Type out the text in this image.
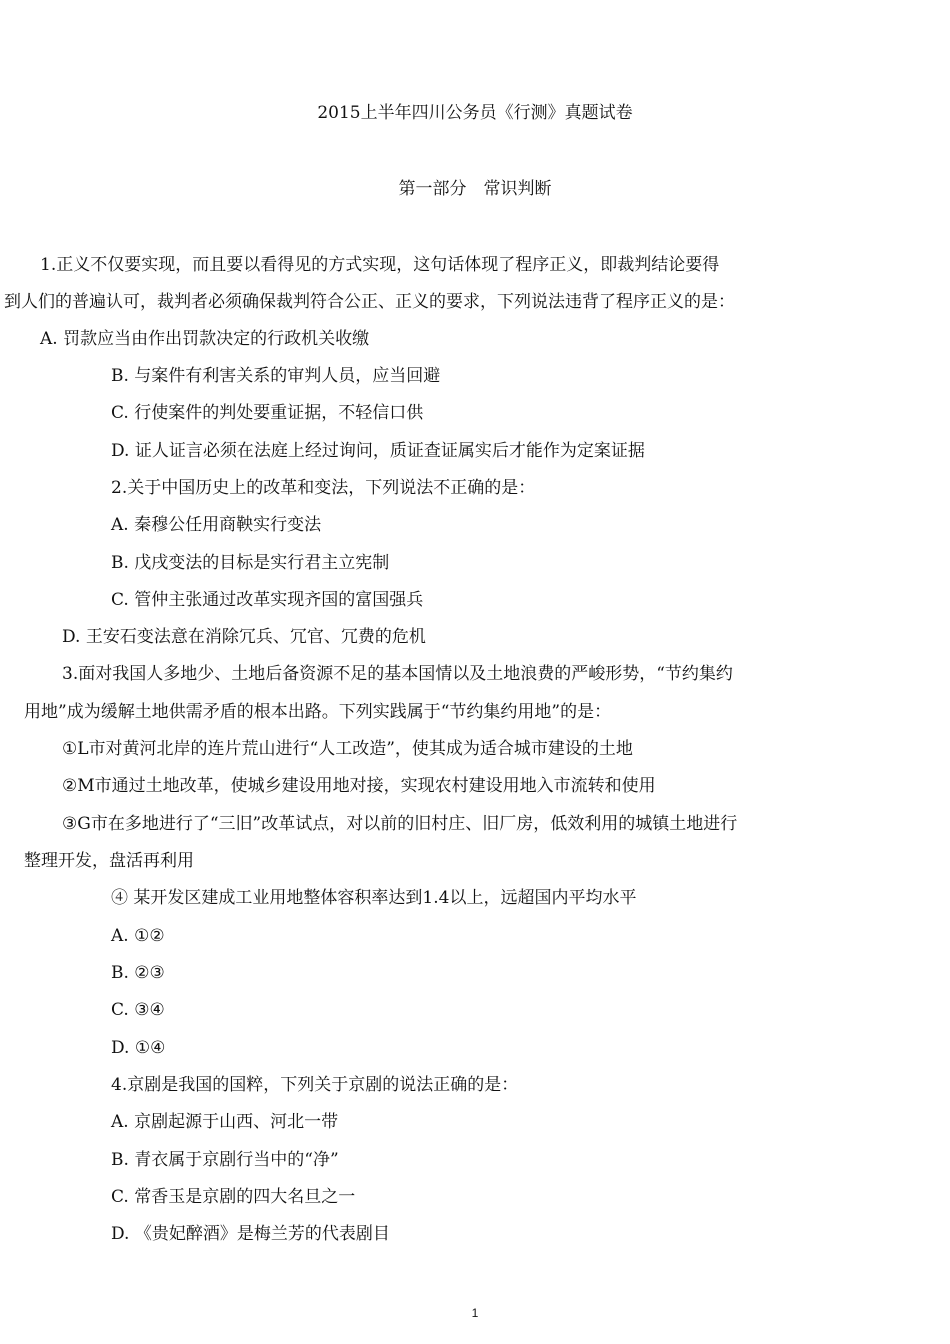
2015上半年四川公务员《行测》真题试卷
第一部分　常识判断
1.正义不仅要实现，而且要以看得见的方式实现，这句话体现了程序正义，即裁判结论要得
到人们的普遍认可，裁判者必须确保裁判符合公正、正义的要求，下列说法违背了程序正义的是：
A. 罚款应当由作出罚款决定的行政机关收缴
B. 与案件有利害关系的审判人员，应当回避
C. 行使案件的判处要重证据，不轻信口供
D. 证人证言必须在法庭上经过询问，质证查证属实后才能作为定案证据
2.关于中国历史上的改革和变法，下列说法不正确的是：
A. 秦穆公任用商鞅实行变法
B. 戊戌变法的目标是实行君主立宪制
C. 管仲主张通过改革实现齐国的富国强兵
D. 王安石变法意在消除冗兵、冗官、冗费的危机
3.面对我国人多地少、土地后备资源不足的基本国情以及土地浪费的严峻形势，“节约集约
用地”成为缓解土地供需矛盾的根本出路。下列实践属于“节约集约用地”的是：
①L市对黄河北岸的连片荒山进行“人工改造”，使其成为适合城市建设的土地
②M市通过土地改革，使城乡建设用地对接，实现农村建设用地入市流转和使用
③G市在多地进行了“三旧”改革试点，对以前的旧村庄、旧厂房，低效利用的城镇土地进行
整理开发，盘活再利用
④ 某开发区建成工业用地整体容积率达到1.4以上，远超国内平均水平
A. ①②
B. ②③
C. ③④
D. ①④
4.京剧是我国的国粹，下列关于京剧的说法正确的是：
A. 京剧起源于山西、河北一带
B. 青衣属于京剧行当中的“净”
C. 常香玉是京剧的四大名旦之一
D. 《贵妃醉酒》是梅兰芳的代表剧目
1
